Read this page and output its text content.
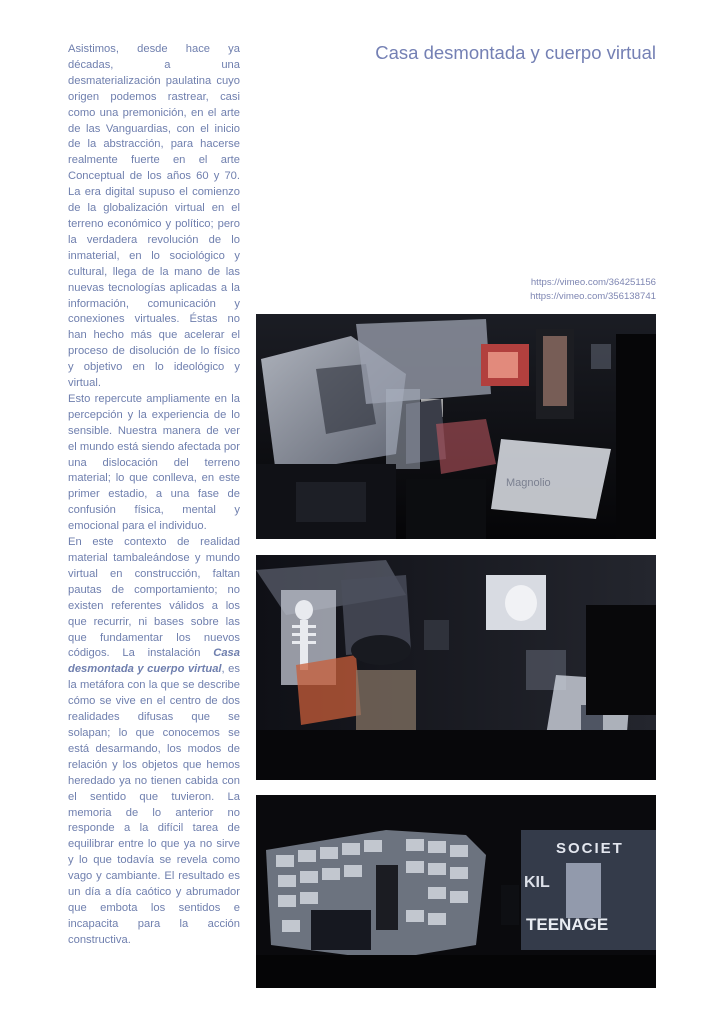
Asistimos, desde hace ya décadas, a una desmaterialización paulatina cuyo origen podemos rastrear, casi como una premonición, en el arte de las Vanguardias, con el inicio de la abstracción, para hacerse realmente fuerte en el arte Conceptual de los años 60 y 70. La era digital supuso el comienzo de la globalización virtual en el terreno económico y político; pero la verdadera revolución de lo inmaterial, en lo sociológico y cultural, llega de la mano de las nuevas tecnologías aplicadas a la información, comunicación y conexiones virtuales. Éstas no han hecho más que acelerar el proceso de disolución de lo físico y objetivo en lo ideológico y virtual.

Esto repercute ampliamente en la percepción y la experiencia de lo sensible. Nuestra manera de ver el mundo está siendo afectada por una dislocación del terreno material; lo que conlleva, en este primer estadio, a una fase de confusión física, mental y emocional para el individuo.

En este contexto de realidad material tambaleándose y mundo virtual en construcción, faltan pautas de comportamiento; no existen referentes válidos a los que recurrir, ni bases sobre las que fundamentar los nuevos códigos. La instalación Casa desmontada y cuerpo virtual, es la metáfora con la que se describe cómo se vive en el centro de dos realidades difusas que se solapan; lo que conocemos se está desarmando, los modos de relación y los objetos que hemos heredado ya no tienen cabida con el sentido que tuvieron. La memoria de lo anterior no responde a la difícil tarea de equilibrar entre lo que ya no sirve y lo que todavía se revela como vago y cambiante. El resultado es un día a día caótico y abrumador que embota los sentidos e incapacita para la acción constructiva.

Casa desmontada y cuerpo virtual
https://vimeo.com/364251156
https://vimeo.com/356138741
Magnolio
SOCIET
KIL
TEENAGE
